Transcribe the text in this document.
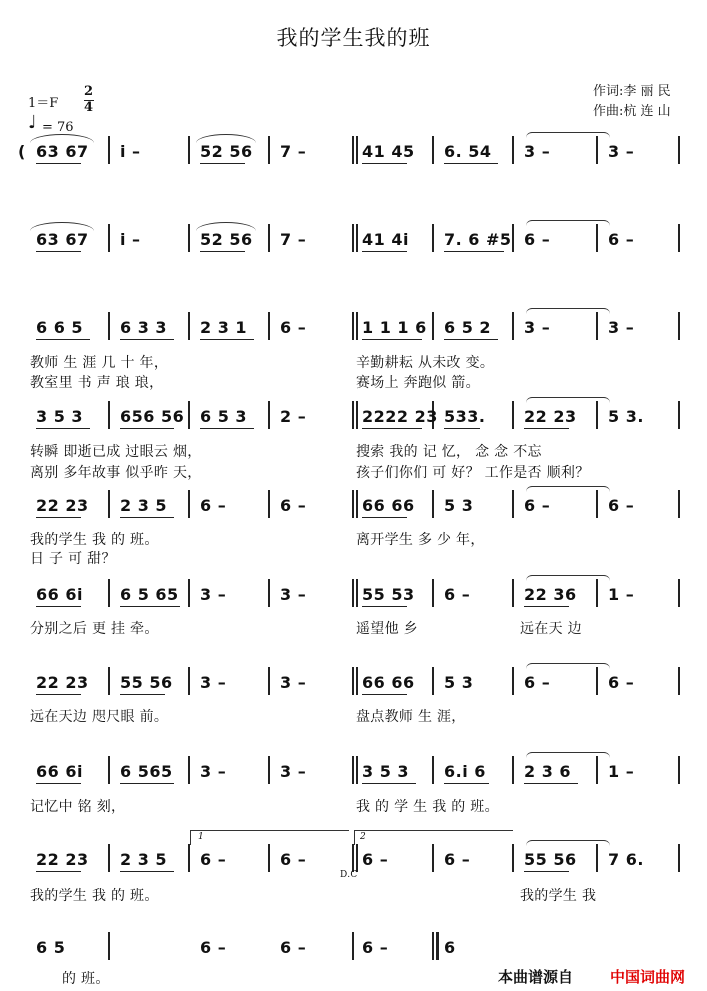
我的学生我的班
1＝F
2
4
♩ = 76
作词:李 丽 民
作曲:杭 连 山
( 63 67 i –	52 56 7 –	41 45 6. 54 3 –	3 –
63 67 i –	52 56 7 –	41 4i 7. 6 #5 6 –	6 –
6 6 5 6 3 3 2 3 1 6 –	1 1 1 6 6 5 2 3 –	3 –
教师 生 涯 几 十 年，	辛勤耕耘 从未改 变。
教室里 书 声 琅 琅，	赛场上 奔跑似 箭。
3 5 3 656 56 6 5 3 2 –	2222 23 533. 22 23 5 3.
转瞬 即逝已成 过眼云 烟，	搜索 我的 记 忆， 念 念 不忘
离别 多年故事 似乎昨 天，	孩子们你们 可 好？ 工作是否 顺利？
22 23 2 3 5 6 –	6 –	66 66 5 3	6 –	6 –
我的学生 我 的 班。	离开学生 多 少 年，
日 子 可 甜？
66 6i 6 5 65 3 –	3 –	55 53 6 –	22 36 1 –
分别之后 更 挂 牵。	遥望他 乡	远在天 边
22 23 55 56 3 –	3 –	66 66 5 3	6 –	6 –
远在天边 咫尺眼 前。	盘点教师 生 涯，
66 6i 6 565 3 –	3 –	3 5 3 6.i 6 2 3 6 1 –
记忆中 铭 刻，	我 的 学 生 我 的 班。
22 23 2 3 5 6 –	6 –	6 –	6 –	55 56 7 6.
我的学生 我 的 班。
D.C
我的学生 我
6 5	6 –	6 –	6 –	6
的 班。
1	2
本曲谱源自 中国词曲网
